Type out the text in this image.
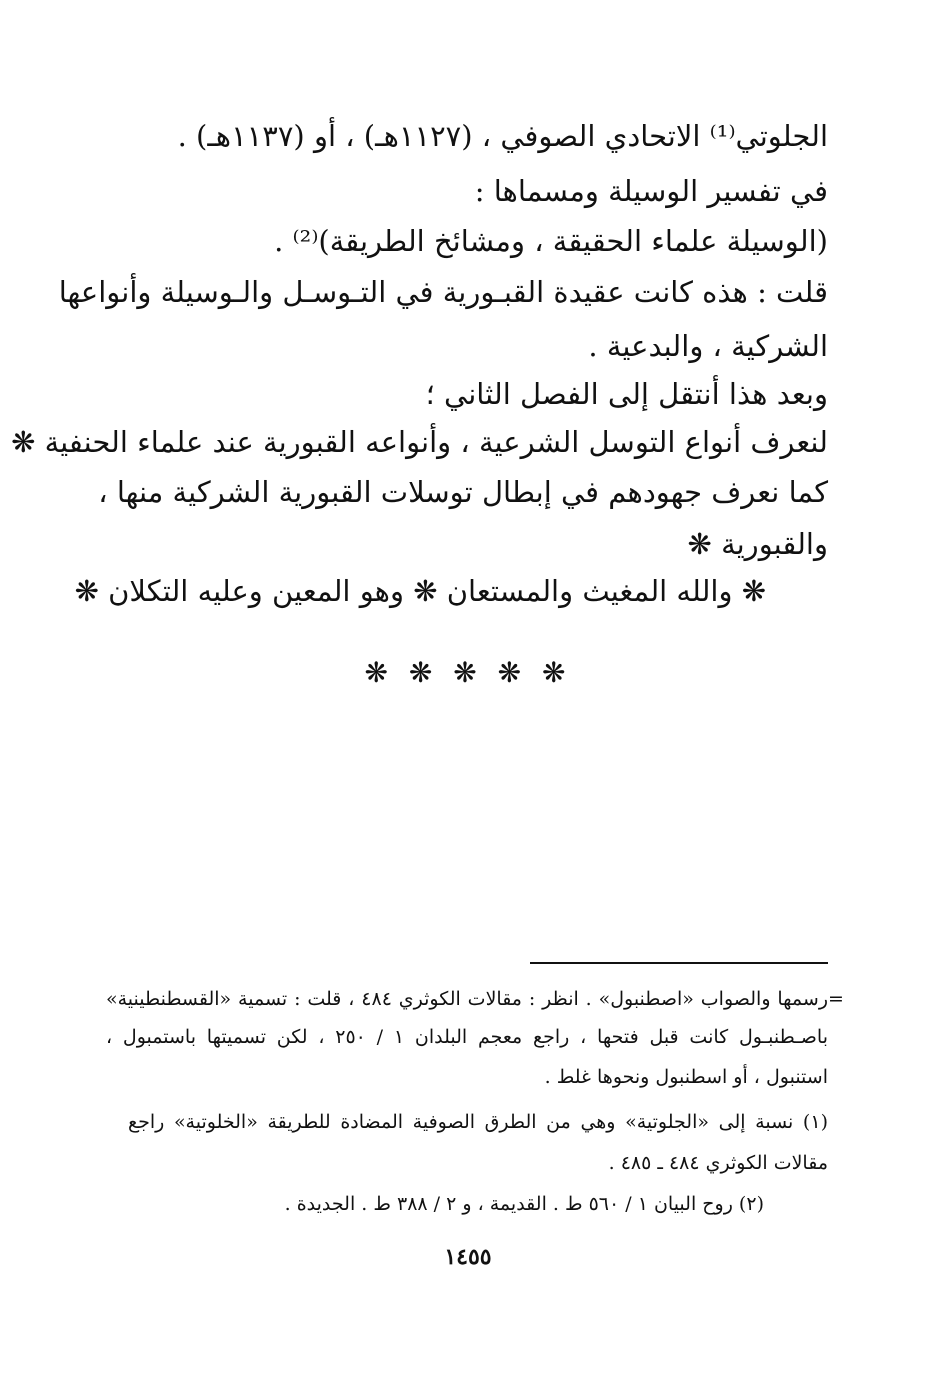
الجلوتي⁽¹⁾ الاتحادي الصوفي ، (١١٢٧هـ) ، أو (١١٣٧هـ) .
في تفسير الوسيلة ومسماها :
(الوسيلة علماء الحقيقة ، ومشائخ الطريقة)⁽²⁾ .
قلت : هذه كانت عقيدة القبـورية في التـوسـل والـوسيلة وأنواعها
الشركية ، والبدعية .
وبعد هذا أنتقل إلى الفصل الثاني ؛
لنعرف أنواع التوسل الشرعية ، وأنواعه القبورية عند علماء الحنفية ❋
كما نعرف جهودهم في إبطال توسلات القبورية الشركية منها ،
والقبورية ❋
❋ والله المغيث والمستعان ❋ وهو المعين وعليه التكلان ❋
❋ ❋ ❋ ❋ ❋
=
رسمها والصواب «اصطنبول» . انظر : مقالات الكوثري ٤٨٤ ، قلت : تسمية «القسطنطينية»
باصـطنبـول كانت قبل فتحها ، راجع معجم البلدان ١ / ٢٥٠ ، لكن تسميتها باستمبول ،
استنبول ، أو اسطنبول ونحوها غلط .
(١) نسبة إلى «الجلوتية» وهي من الطرق الصوفية المضادة للطريقة «الخلوتية» راجع
مقالات الكوثري ٤٨٤ ـ ٤٨٥ .
(٢) روح البيان ١ / ٥٦٠ ط . القديمة ، و ٢ / ٣٨٨ ط . الجديدة .
١٤٥٥
